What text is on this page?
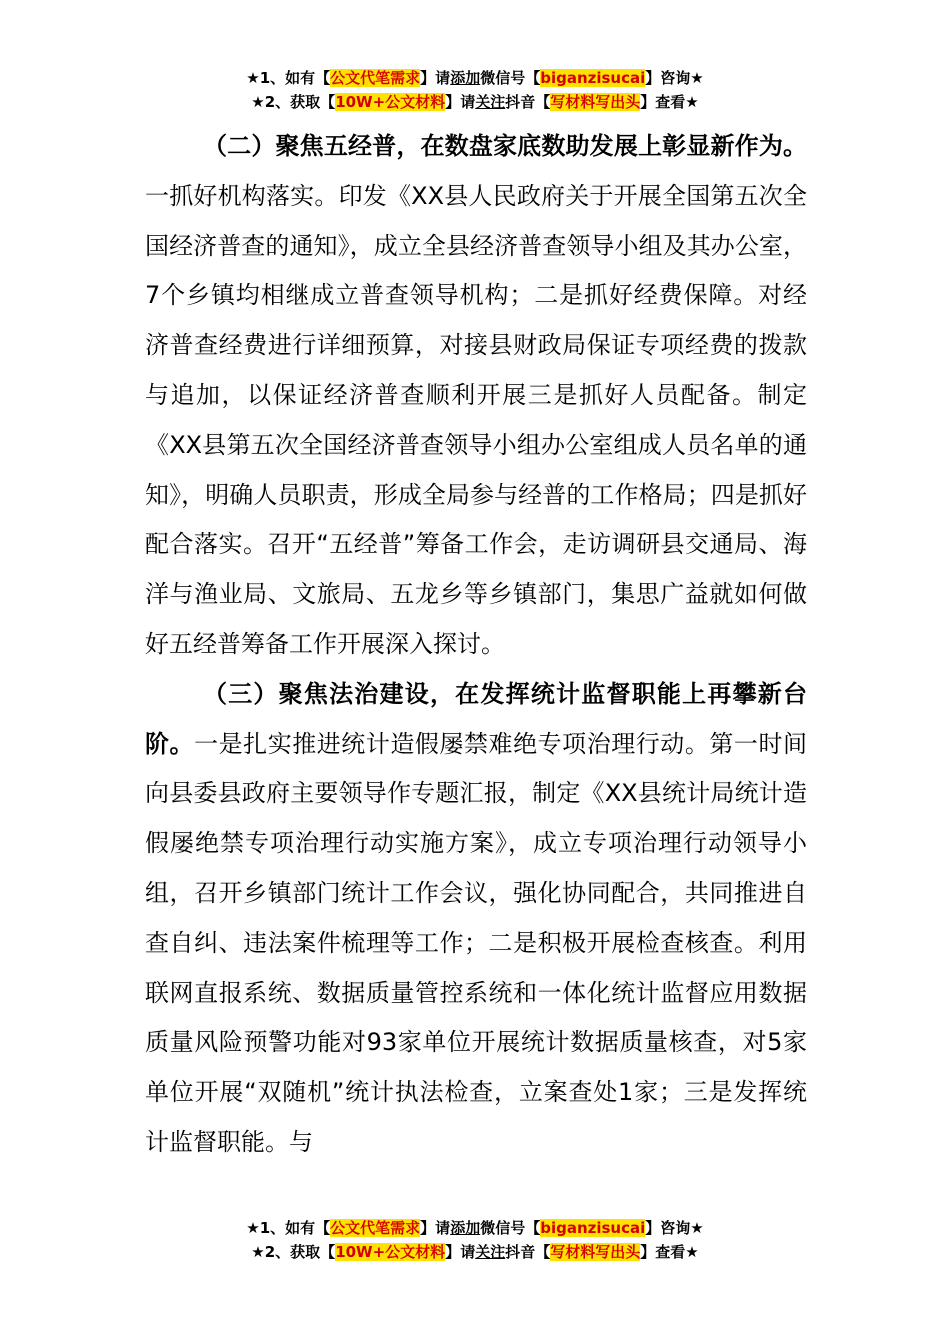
★1、如有【公文代笔需求】请添加微信号【biganzisucai】咨询★
★2、获取【10W+公文材料】请关注抖音【写材料写出头】查看★

（二）聚焦五经普，在数盘家底数助发展上彰显新作为。一抓好机构落实。印发《XX县人民政府关于开展全国第五次全国经济普查的通知》，成立全县经济普查领导小组及其办公室，7个乡镇均相继成立普查领导机构；二是抓好经费保障。对经济普查经费进行详细预算，对接县财政局保证专项经费的拨款与追加，以保证经济普查顺利开展三是抓好人员配备。制定《XX县第五次全国经济普查领导小组办公室组成人员名单的通知》，明确人员职责，形成全局参与经普的工作格局；四是抓好配合落实。召开“五经普”筹备工作会，走访调研县交通局、海洋与渔业局、文旅局、五龙乡等乡镇部门，集思广益就如何做好五经普筹备工作开展深入探讨。

（三）聚焦法治建设，在发挥统计监督职能上再攀新台阶。一是扎实推进统计造假屡禁难绝专项治理行动。第一时间向县委县政府主要领导作专题汇报，制定《XX县统计局统计造假屡绝禁专项治理行动实施方案》，成立专项治理行动领导小组，召开乡镇部门统计工作会议，强化协同配合，共同推进自查自纠、违法案件梳理等工作；二是积极开展检查核查。利用联网直报系统、数据质量管控系统和一体化统计监督应用数据质量风险预警功能对93家单位开展统计数据质量核查，对5家单位开展“双随机”统计执法检查，立案查处1家；三是发挥统计监督职能。与

★1、如有【公文代笔需求】请添加微信号【biganzisucai】咨询★
★2、获取【10W+公文材料】请关注抖音【写材料写出头】查看★
